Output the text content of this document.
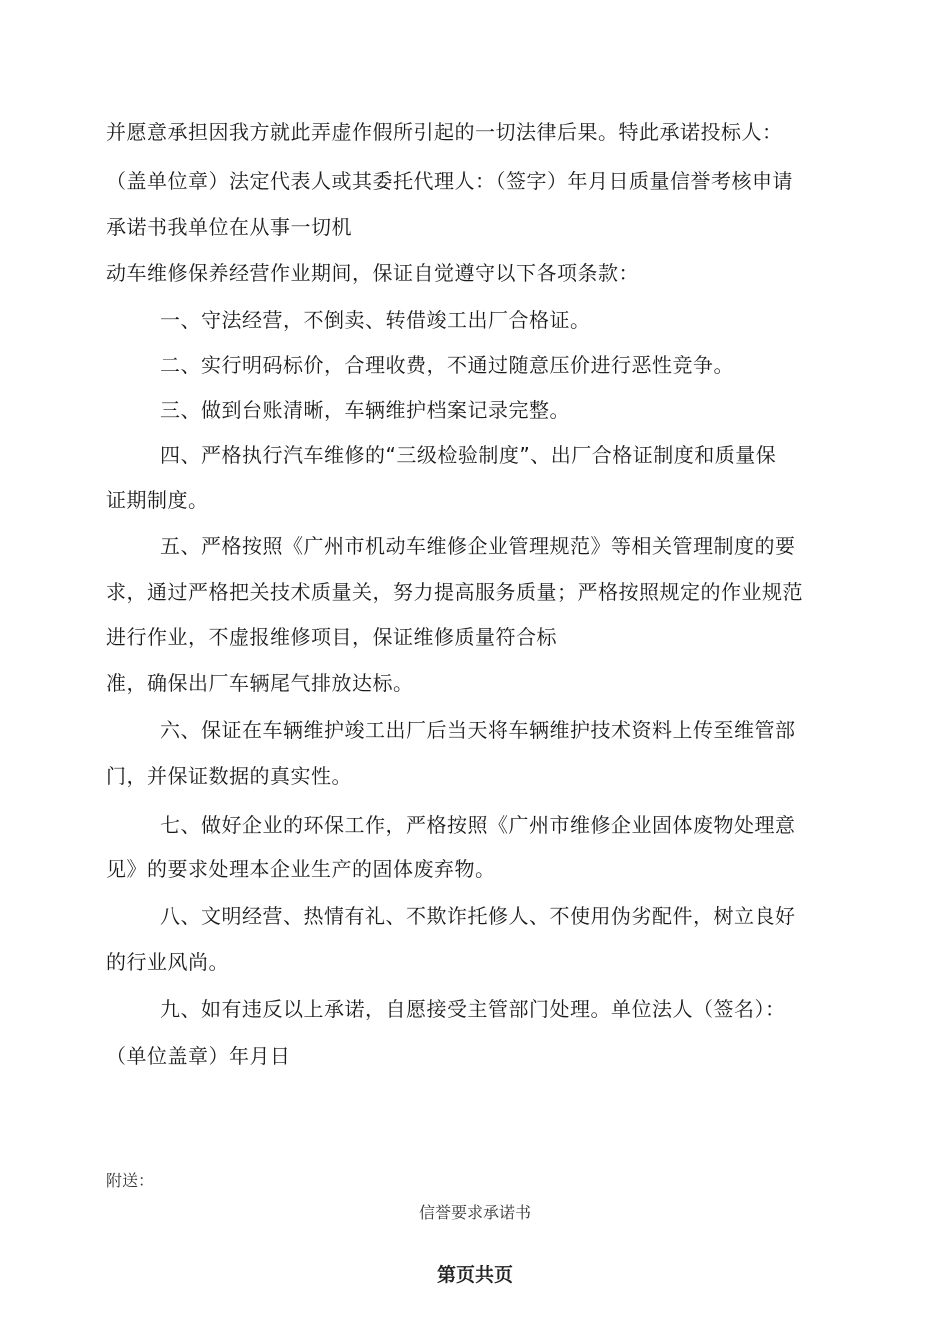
并愿意承担因我方就此弄虚作假所引起的一切法律后果。特此承诺投标人：
（盖单位章）法定代表人或其委托代理人：（签字）年月日质量信誉考核申请
承诺书我单位在从事一切机
动车维修保养经营作业期间，保证自觉遵守以下各项条款：
一、守法经营，不倒卖、转借竣工出厂合格证。
二、实行明码标价，合理收费，不通过随意压价进行恶性竞争。
三、做到台账清晰，车辆维护档案记录完整。
四、严格执行汽车维修的“三级检验制度”、出厂合格证制度和质量保
证期制度。
五、严格按照《广州市机动车维修企业管理规范》等相关管理制度的要
求，通过严格把关技术质量关，努力提高服务质量；严格按照规定的作业规范
进行作业，不虚报维修项目，保证维修质量符合标
准，确保出厂车辆尾气排放达标。
六、保证在车辆维护竣工出厂后当天将车辆维护技术资料上传至维管部
门，并保证数据的真实性。
七、做好企业的环保工作，严格按照《广州市维修企业固体废物处理意
见》的要求处理本企业生产的固体废弃物。
八、文明经营、热情有礼、不欺诈托修人、不使用伪劣配件，树立良好
的行业风尚。
九、如有违反以上承诺，自愿接受主管部门处理。单位法人（签名）：
（单位盖章）年月日
附送：
信誉要求承诺书
第页共页
